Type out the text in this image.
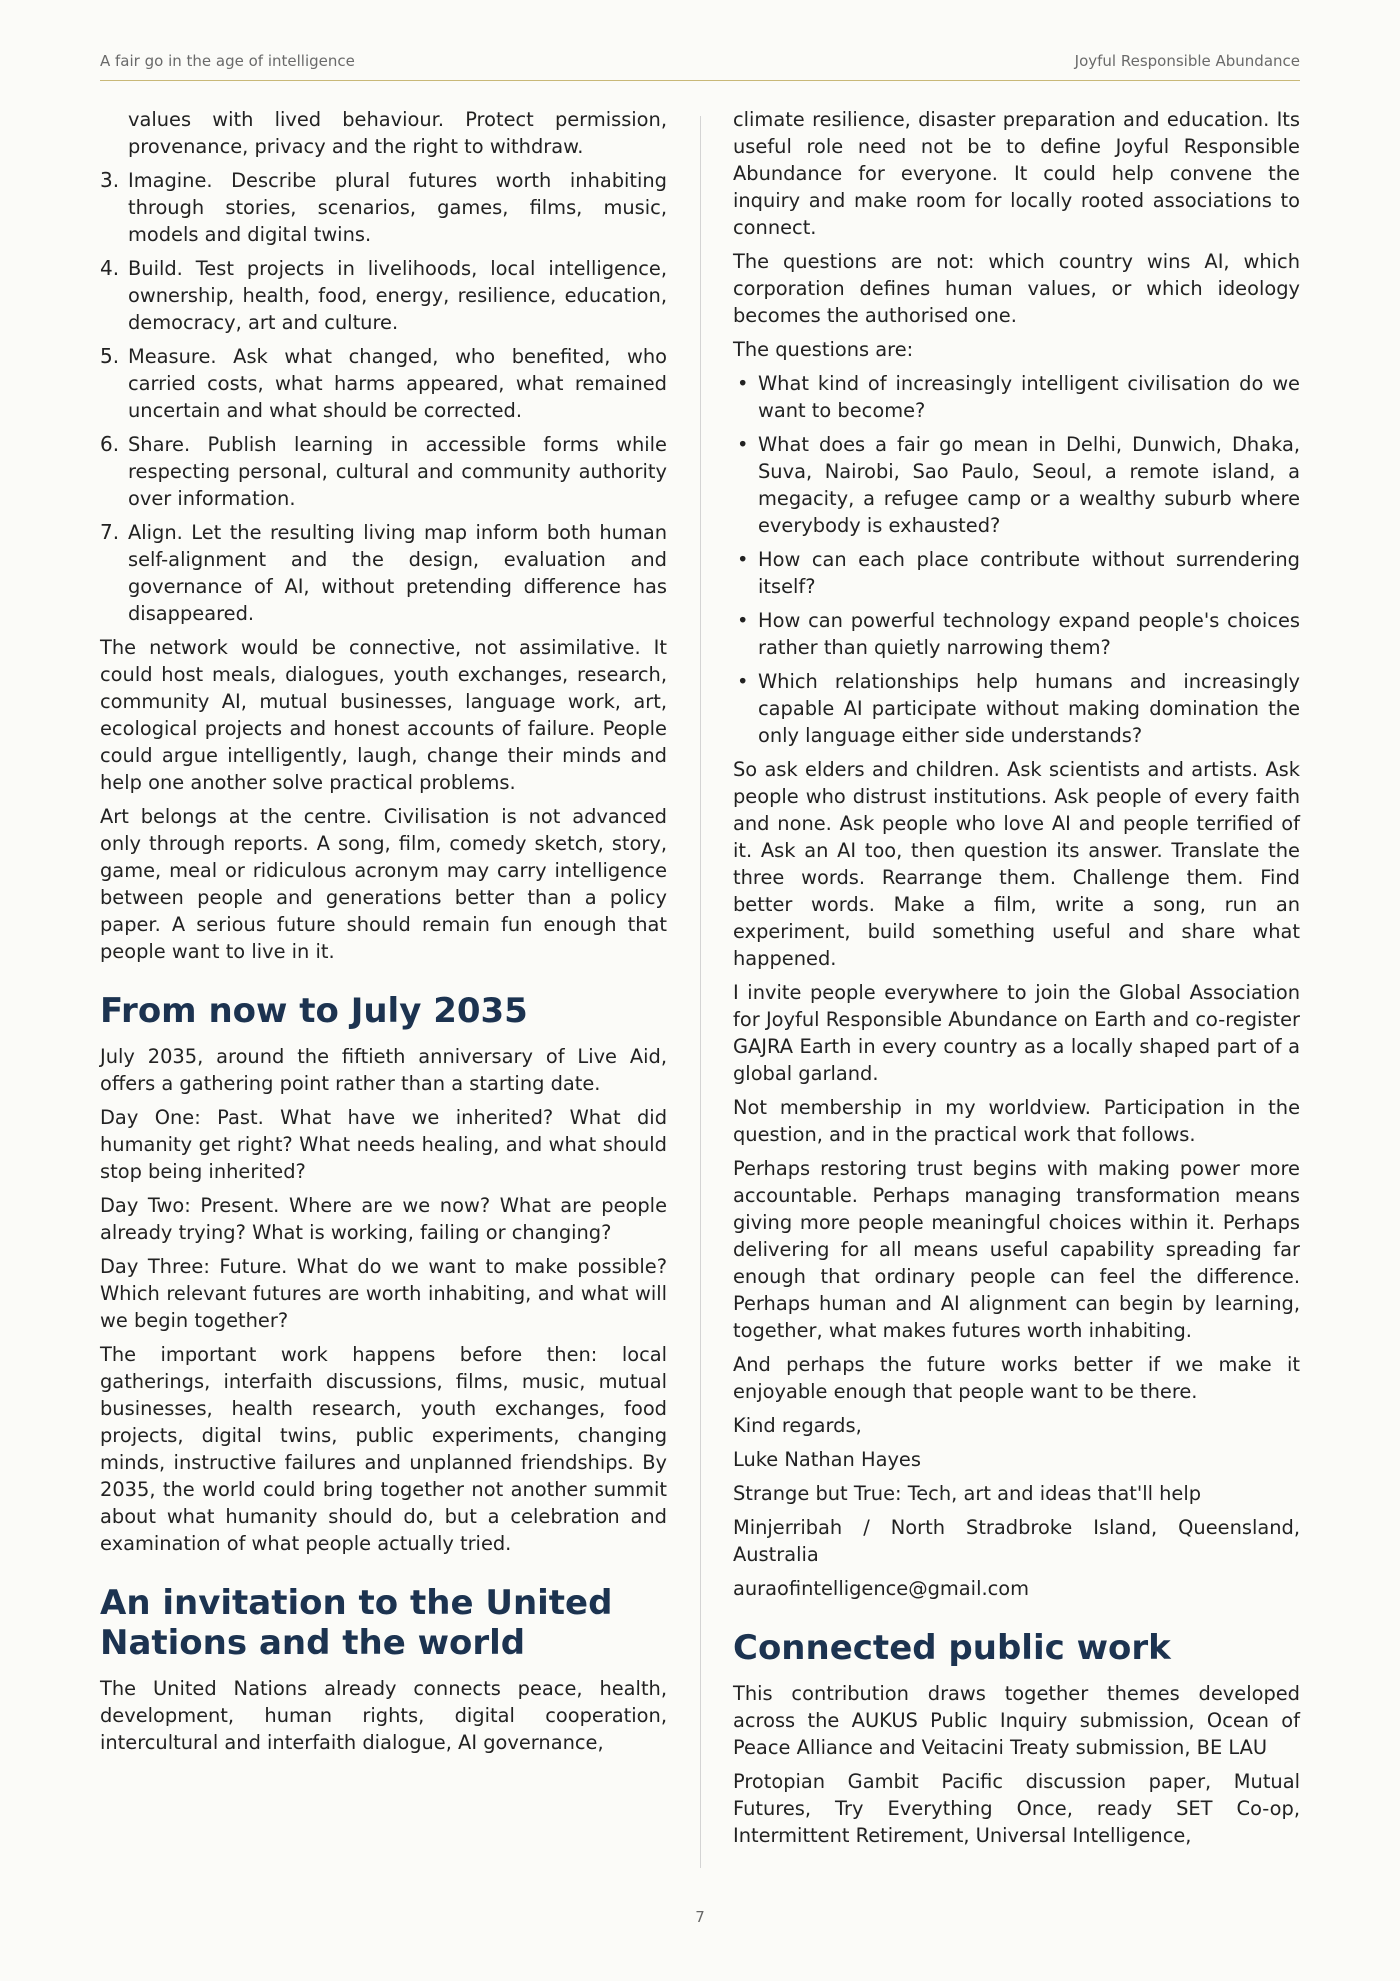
A fair go in the age of intelligence	Joyful Responsible Abundance

values with lived behaviour. Protect permission, provenance, privacy and the right to withdraw.

3. Imagine. Describe plural futures worth inhabiting through stories, scenarios, games, films, music, models and digital twins.
4. Build. Test projects in livelihoods, local intelligence, ownership, health, food, energy, resilience, education, democracy, art and culture.
5. Measure. Ask what changed, who benefited, who carried costs, what harms appeared, what remained uncertain and what should be corrected.
6. Share. Publish learning in accessible forms while respecting personal, cultural and community authority over information.
7. Align. Let the resulting living map inform both human self-alignment and the design, evaluation and governance of AI, without pretending difference has disappeared.

The network would be connective, not assimilative. It could host meals, dialogues, youth exchanges, research, community AI, mutual businesses, language work, art, ecological projects and honest accounts of failure. People could argue intelligently, laugh, change their minds and help one another solve practical problems.

Art belongs at the centre. Civilisation is not advanced only through reports. A song, film, comedy sketch, story, game, meal or ridiculous acronym may carry intelligence between people and generations better than a policy paper. A serious future should remain fun enough that people want to live in it.

From now to July 2035

July 2035, around the fiftieth anniversary of Live Aid, offers a gathering point rather than a starting date.

Day One: Past. What have we inherited? What did humanity get right? What needs healing, and what should stop being inherited?

Day Two: Present. Where are we now? What are people already trying? What is working, failing or changing?

Day Three: Future. What do we want to make possible? Which relevant futures are worth inhabiting, and what will we begin together?

The important work happens before then: local gatherings, interfaith discussions, films, music, mutual businesses, health research, youth exchanges, food projects, digital twins, public experiments, changing minds, instructive failures and unplanned friendships. By 2035, the world could bring together not another summit about what humanity should do, but a celebration and examination of what people actually tried.

An invitation to the United Nations and the world

The United Nations already connects peace, health, development, human rights, digital cooperation, intercultural and interfaith dialogue, AI governance,

climate resilience, disaster preparation and education. Its useful role need not be to define Joyful Responsible Abundance for everyone. It could help convene the inquiry and make room for locally rooted associations to connect.

The questions are not: which country wins AI, which corporation defines human values, or which ideology becomes the authorised one.

The questions are:

• What kind of increasingly intelligent civilisation do we want to become?
• What does a fair go mean in Delhi, Dunwich, Dhaka, Suva, Nairobi, Sao Paulo, Seoul, a remote island, a megacity, a refugee camp or a wealthy suburb where everybody is exhausted?
• How can each place contribute without surrendering itself?
• How can powerful technology expand people's choices rather than quietly narrowing them?
• Which relationships help humans and increasingly capable AI participate without making domination the only language either side understands?

So ask elders and children. Ask scientists and artists. Ask people who distrust institutions. Ask people of every faith and none. Ask people who love AI and people terrified of it. Ask an AI too, then question its answer. Translate the three words. Rearrange them. Challenge them. Find better words. Make a film, write a song, run an experiment, build something useful and share what happened.

I invite people everywhere to join the Global Association for Joyful Responsible Abundance on Earth and co-register GAJRA Earth in every country as a locally shaped part of a global garland.

Not membership in my worldview. Participation in the question, and in the practical work that follows.

Perhaps restoring trust begins with making power more accountable. Perhaps managing transformation means giving more people meaningful choices within it. Perhaps delivering for all means useful capability spreading far enough that ordinary people can feel the difference. Perhaps human and AI alignment can begin by learning, together, what makes futures worth inhabiting.

And perhaps the future works better if we make it enjoyable enough that people want to be there.

Kind regards,

Luke Nathan Hayes

Strange but True: Tech, art and ideas that'll help

Minjerribah / North Stradbroke Island, Queensland, Australia

auraofintelligence@gmail.com

Connected public work

This contribution draws together themes developed across the AUKUS Public Inquiry submission, Ocean of Peace Alliance and Veitacini Treaty submission, BE LAU

Protopian Gambit Pacific discussion paper, Mutual Futures, Try Everything Once, ready SET Co-op, Intermittent Retirement, Universal Intelligence,

7
